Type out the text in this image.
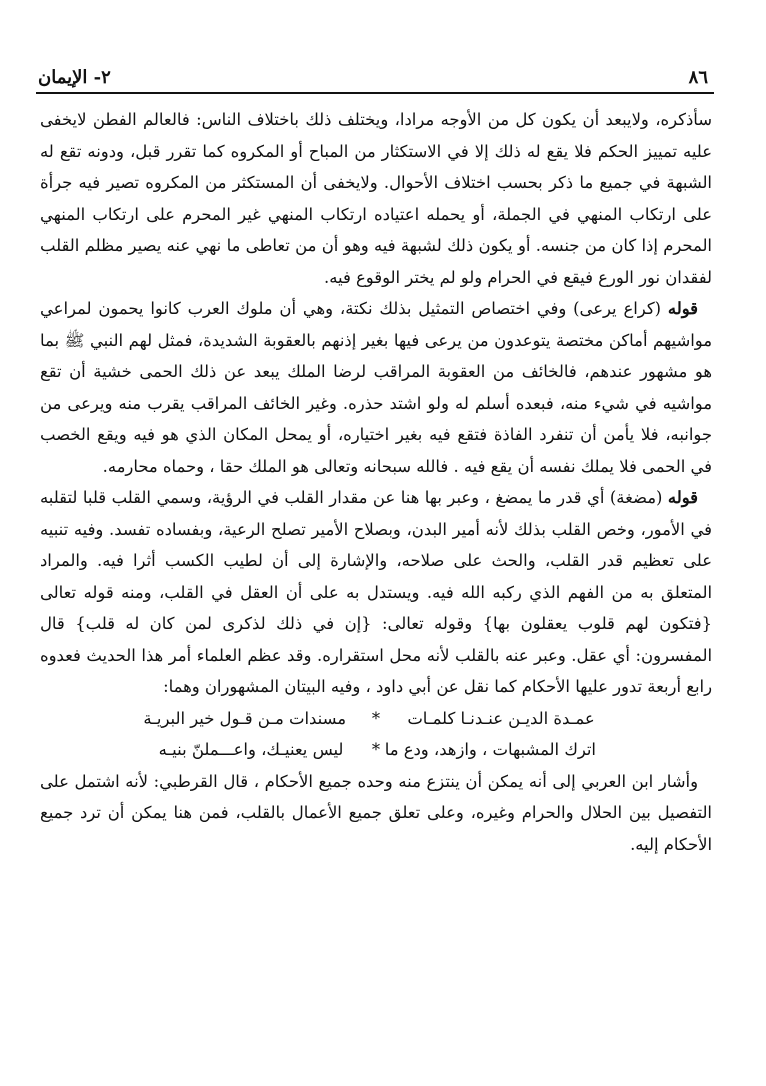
٢- الإيمان	٨٦

سأذكره، ولايبعد أن يكون كل من الأوجه مرادا، ويختلف ذلك باختلاف الناس: فالعالم الفطن لايخفى عليه تمييز الحكم فلا يقع له ذلك إلا في الاستكثار من المباح أو المكروه كما تقرر قبل، ودونه تقع له الشبهة في جميع ما ذكر بحسب اختلاف الأحوال. ولايخفى أن المستكثر من المكروه تصير فيه جرأة على ارتكاب المنهي في الجملة، أو يحمله اعتياده ارتكاب المنهي غير المحرم على ارتكاب المنهي المحرم إذا كان من جنسه. أو يكون ذلك لشبهة فيه وهو أن من تعاطى ما نهي عنه يصير مظلم القلب لفقدان نور الورع فيقع في الحرام ولو لم يختر الوقوع فيه.

قوله (كراع يرعى) وفي اختصاص التمثيل بذلك نكتة، وهي أن ملوك العرب كانوا يحمون لمراعي مواشيهم أماكن مختصة يتوعدون من يرعى فيها بغير إذنهم بالعقوبة الشديدة، فمثل لهم النبي ﷺ بما هو مشهور عندهم، فالخائف من العقوبة المراقب لرضا الملك يبعد عن ذلك الحمى خشية أن تقع مواشيه في شيء منه، فبعده أسلم له ولو اشتد حذره. وغير الخائف المراقب يقرب منه ويرعى من جوانبه، فلا يأمن أن تنفرد الفاذة فتقع فيه بغير اختياره، أو يمحل المكان الذي هو فيه ويقع الخصب في الحمى فلا يملك نفسه أن يقع فيه . فالله سبحانه وتعالى هو الملك حقا ، وحماه محارمه.

قوله (مضغة) أي قدر ما يمضغ ، وعبر بها هنا عن مقدار القلب في الرؤية، وسمي القلب قلبا لتقلبه في الأمور، وخص القلب بذلك لأنه أمير البدن، وبصلاح الأمير تصلح الرعية، وبفساده تفسد. وفيه تنبيه على تعظيم قدر القلب، والحث على صلاحه، والإشارة إلى أن لطيب الكسب أثرا فيه. والمراد المتعلق به من الفهم الذي ركبه الله فيه. ويستدل به على أن العقل في القلب، ومنه قوله تعالى {فتكون لهم قلوب يعقلون بها} وقوله تعالى: {إن في ذلك لذكرى لمن كان له قلب} قال المفسرون: أي عقل. وعبر عنه بالقلب لأنه محل استقراره. وقد عظم العلماء أمر هذا الحديث فعدوه رابع أربعة تدور عليها الأحكام كما نقل عن أبي داود ، وفيه البيتان المشهوران وهما:

عمـدة الديـن عنـدنـا كلمـات
*
مسندات مـن قـول خير البريـة
اترك المشبهات ، وازهد، ودع ما
*
ليس يعنيـك، واعـــملنّ بنيـه

وأشار ابن العربي إلى أنه يمكن أن ينتزع منه وحده جميع الأحكام ، قال القرطبي: لأنه اشتمل على التفصيل بين الحلال والحرام وغيره، وعلى تعلق جميع الأعمال بالقلب، فمن هنا يمكن أن ترد جميع الأحكام إليه.
